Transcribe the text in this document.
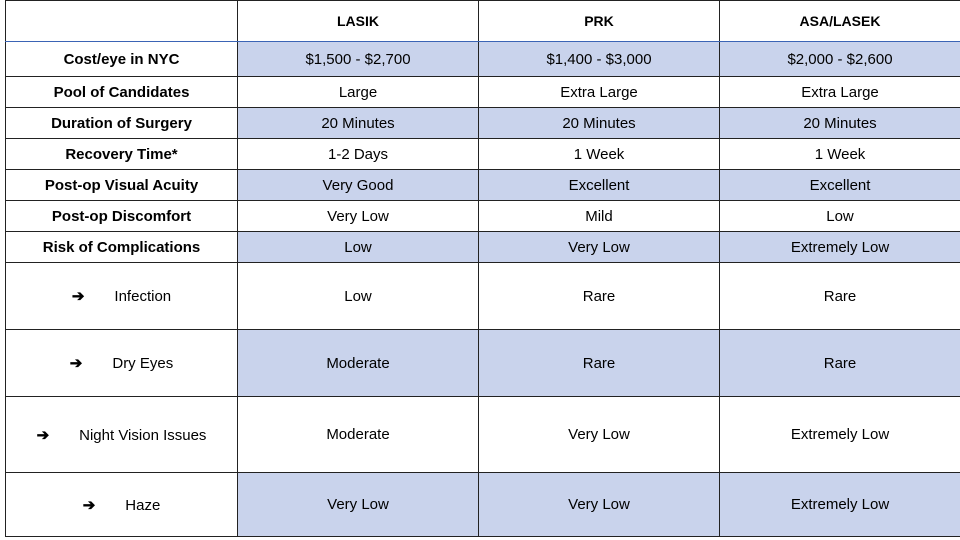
	LASIK	PRK	ASA/LASEK
Cost/eye in NYC	$1,500 - $2,700	$1,400 - $3,000	$2,000 - $2,600
Pool of Candidates	Large	Extra Large	Extra Large
Duration of Surgery	20 Minutes	20 Minutes	20 Minutes
Recovery Time*	1-2 Days	1 Week	1 Week
Post-op Visual Acuity	Very Good	Excellent	Excellent
Post-op Discomfort	Very Low	Mild	Low
Risk of Complications	Low	Very Low	Extremely Low
➔ Infection	Low	Rare	Rare
➔ Dry Eyes	Moderate	Rare	Rare
➔ Night Vision Issues	Moderate	Very Low	Extremely Low
➔ Haze	Very Low	Very Low	Extremely Low
